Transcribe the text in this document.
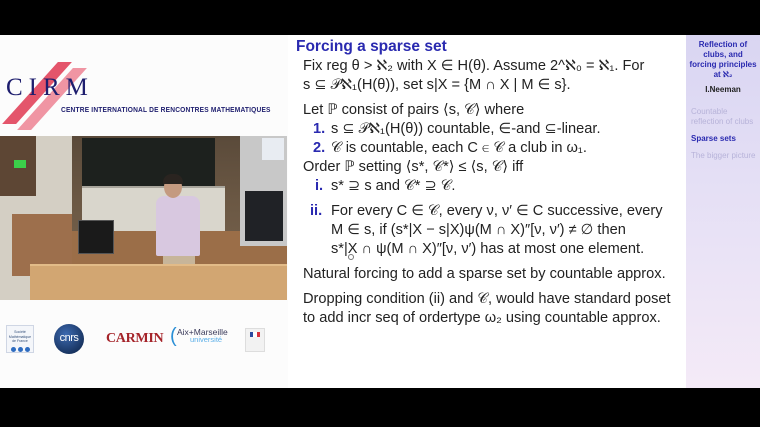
CIRM
CENTRE INTERNATIONAL DE RENCONTRES MATHEMATIQUES
Société Mathématique de France	cnrs	CARMIN ( Aix+Marseille
université
Forcing a sparse set

Fix reg θ > ℵ₂ with X ∈ H(θ). Assume 2^ℵ₀ = ℵ₁. For

s ⊆ 𝒫ℵ₁(H(θ)), set s|X = {M ∩ X | M ∈ s}.

Let ℙ consist of pairs ⟨s, 𝒞⟩ where

1. s ⊆ 𝒫ℵ₁(H(θ)) countable, ∈-and ⊆-linear.
2. 𝒞 is countable, each C ∈ 𝒞 a club in ω₁.

Order ℙ setting ⟨s*, 𝒞*⟩ ≤ ⟨s, 𝒞⟩ iff

i. s* ⊇ s and 𝒞* ⊇ 𝒞.
ii. For every C ∈ 𝒞, every ν, ν′ ∈ C successive, every
M ∈ s, if (s*|X − s|X)ψ(M ∩ X)″[ν, ν′) ≠ ∅ then
s*|X ∩ ψ(M ∩ X)″[ν, ν′) has at most one element.

Natural forcing to add a sparse set by countable approx.

Dropping condition (ii) and 𝒞, would have standard poset

to add incr seq of ordertype ω₂ using countable approx.

Reflection of
clubs, and
forcing principles
at ℵ₂
I.Neeman
Countable reflection of clubs
Sparse sets
The bigger picture
